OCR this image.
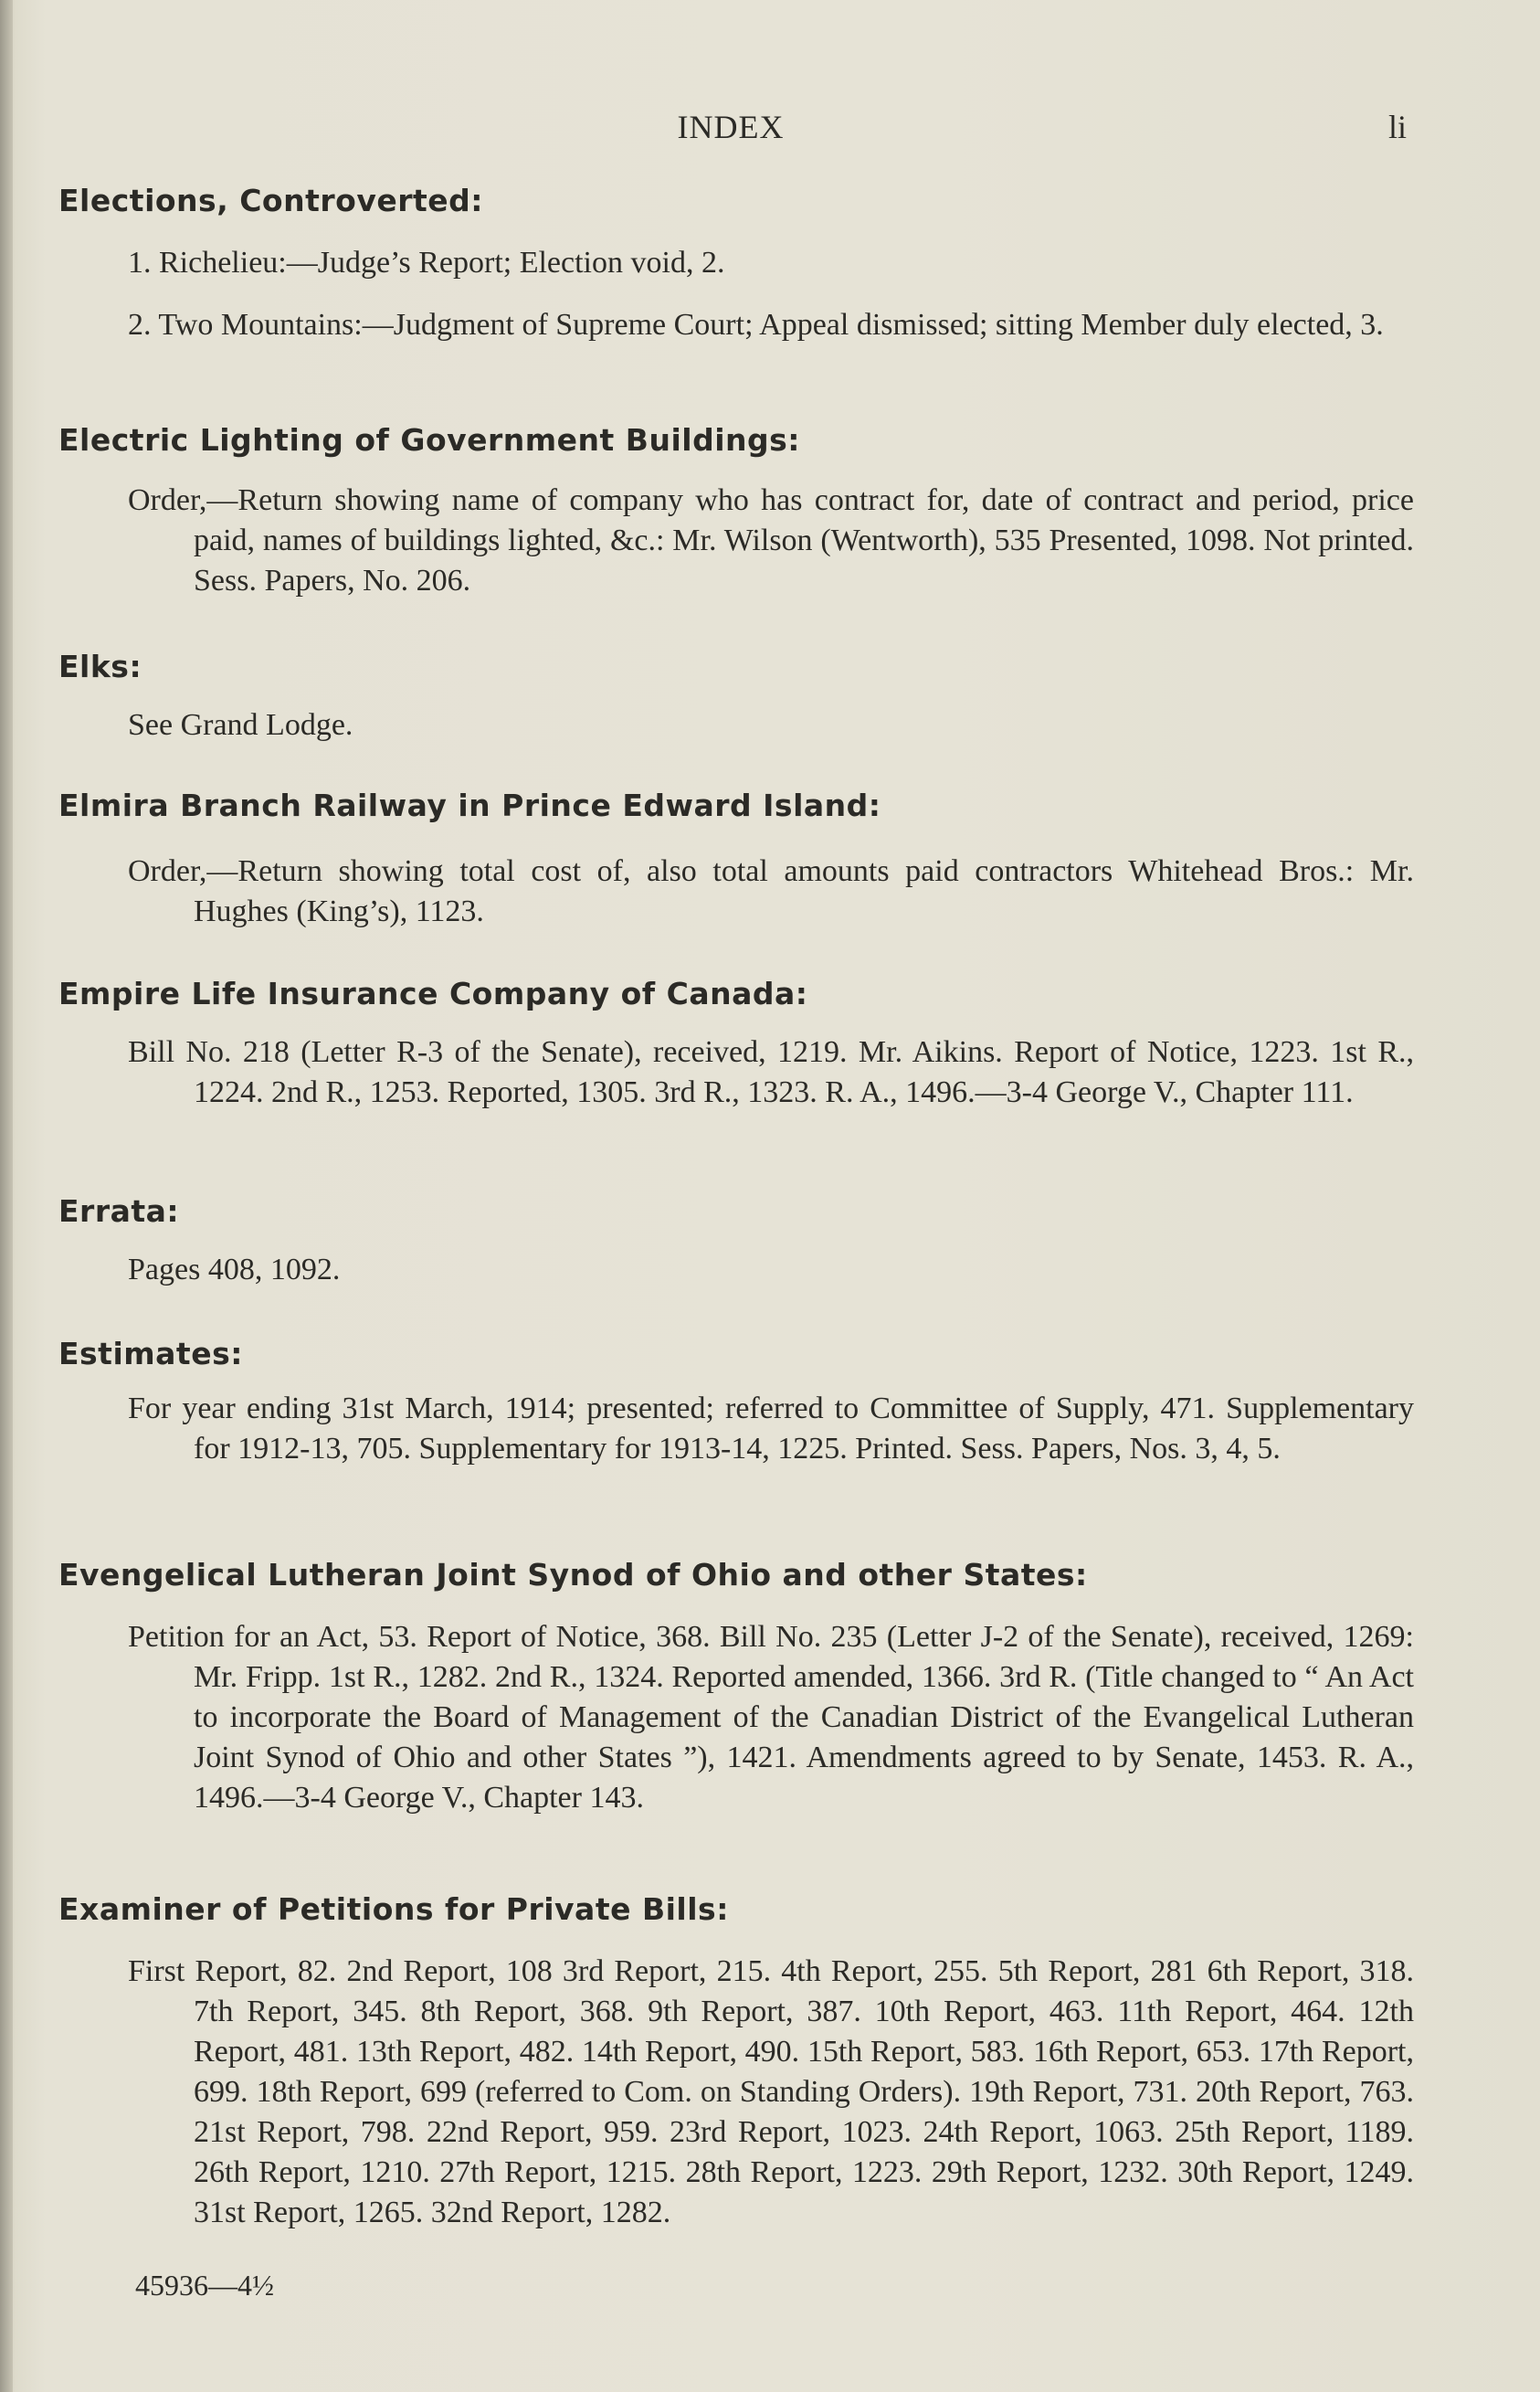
INDEX	li
Elections, Controverted:
1. Richelieu:—Judge’s Report; Election void, 2.
2. Two Mountains:—Judgment of Supreme Court; Appeal dismissed; sitting Member duly elected, 3.
Electric Lighting of Government Buildings:
Order,—Return showing name of company who has contract for, date of contract and period, price paid, names of buildings lighted, &c.: Mr. Wilson (Wentworth), 535 Presented, 1098. Not printed. Sess. Papers, No. 206.
Elks:
See Grand Lodge.
Elmira Branch Railway in Prince Edward Island:
Order,—Return showing total cost of, also total amounts paid contractors Whitehead Bros.: Mr. Hughes (King’s), 1123.
Empire Life Insurance Company of Canada:
Bill No. 218 (Letter R-3 of the Senate), received, 1219. Mr. Aikins. Report of Notice, 1223. 1st R., 1224. 2nd R., 1253. Reported, 1305. 3rd R., 1323. R. A., 1496.—3-4 George V., Chapter 111.
Errata:
Pages 408, 1092.
Estimates:
For year ending 31st March, 1914; presented; referred to Committee of Supply, 471. Supplementary for 1912-13, 705. Supplementary for 1913-14, 1225. Printed. Sess. Papers, Nos. 3, 4, 5.
Evengelical Lutheran Joint Synod of Ohio and other States:
Petition for an Act, 53. Report of Notice, 368. Bill No. 235 (Letter J-2 of the Senate), received, 1269: Mr. Fripp. 1st R., 1282. 2nd R., 1324. Reported amended, 1366. 3rd R. (Title changed to “ An Act to incorporate the Board of Management of the Canadian District of the Evangelical Lutheran Joint Synod of Ohio and other States ”), 1421. Amendments agreed to by Senate, 1453. R. A., 1496.—3-4 George V., Chapter 143.
Examiner of Petitions for Private Bills:
First Report, 82. 2nd Report, 108 3rd Report, 215. 4th Report, 255. 5th Report, 281 6th Report, 318. 7th Report, 345. 8th Report, 368. 9th Report, 387. 10th Report, 463. 11th Report, 464. 12th Report, 481. 13th Report, 482. 14th Report, 490. 15th Report, 583. 16th Report, 653. 17th Report, 699. 18th Report, 699 (referred to Com. on Standing Orders). 19th Report, 731. 20th Report, 763. 21st Report, 798. 22nd Report, 959. 23rd Report, 1023. 24th Report, 1063. 25th Report, 1189. 26th Report, 1210. 27th Report, 1215. 28th Report, 1223. 29th Report, 1232. 30th Report, 1249. 31st Report, 1265. 32nd Report, 1282.
45936—4½
